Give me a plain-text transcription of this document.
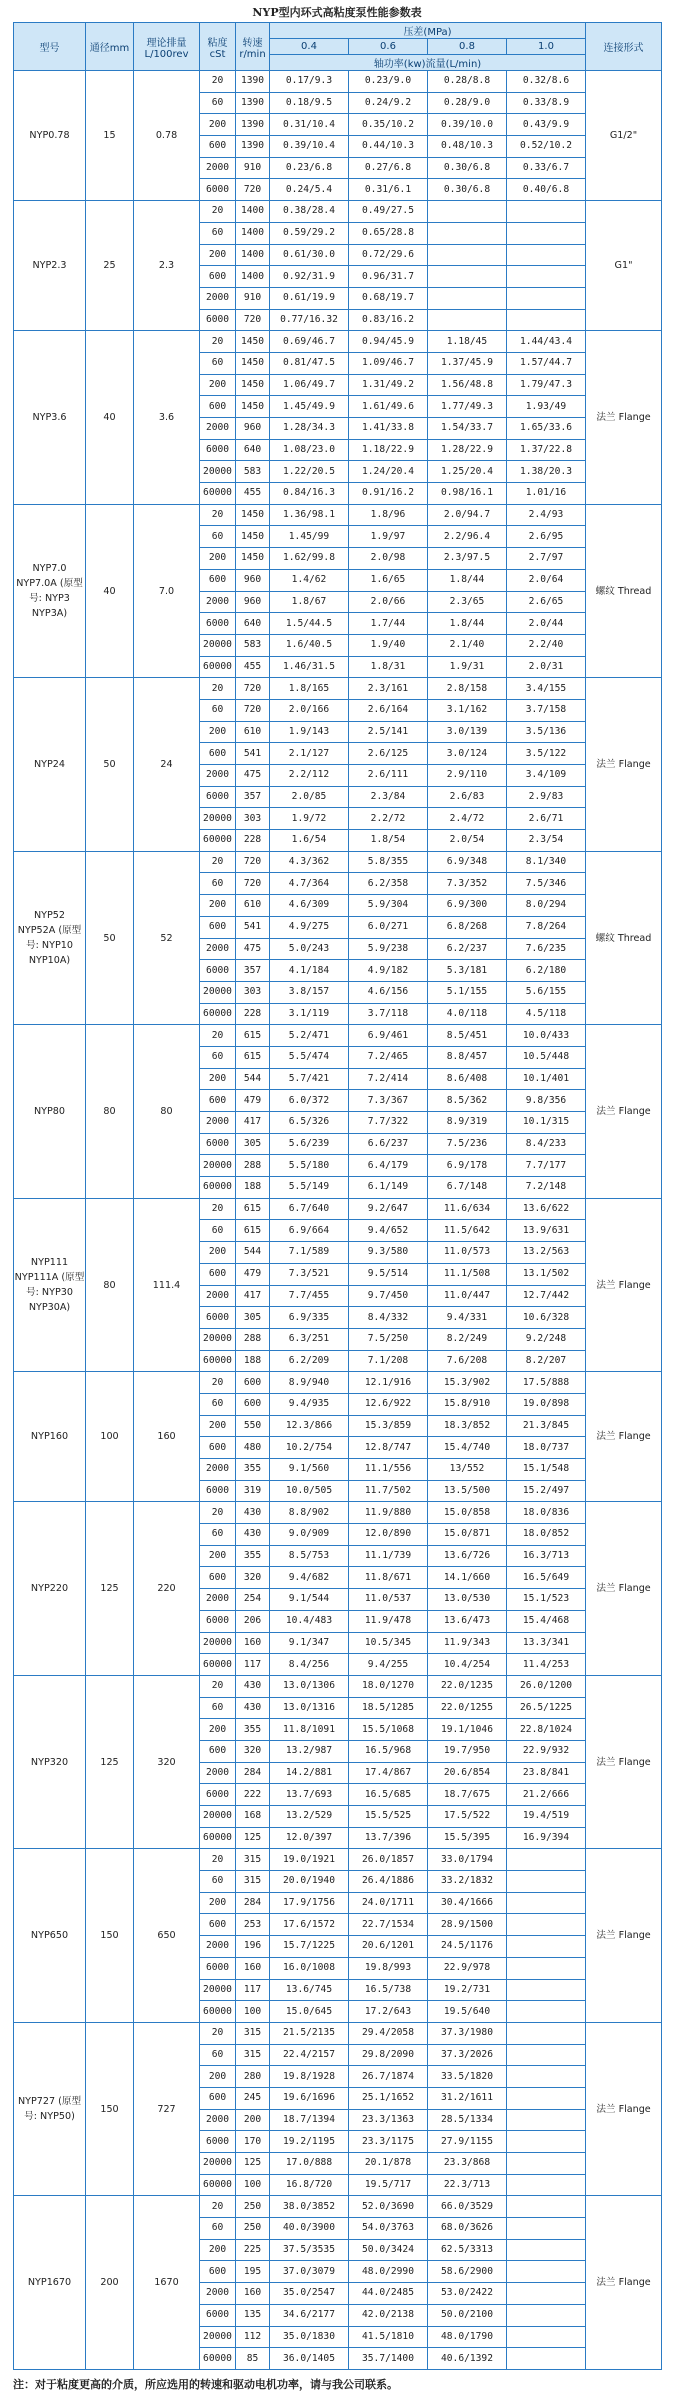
NYP型内环式高粘度泵性能参数表
型号	通径mm	理论排量L/100rev	粘度cSt	转速r/min	压差(MPa)				连接形式
					0.4	0.6	0.8	1.0	
					轴功率(kw)流量(L/min)				
NYP0.78	15	0.78	20	1390	0.17/9.3	0.23/9.0	0.28/8.8	0.32/8.6	G1/2"
			60	1390	0.18/9.5	0.24/9.2	0.28/9.0	0.33/8.9	
			200	1390	0.31/10.4	0.35/10.2	0.39/10.0	0.43/9.9	
			600	1390	0.39/10.4	0.44/10.3	0.48/10.3	0.52/10.2	
			2000	910	0.23/6.8	0.27/6.8	0.30/6.8	0.33/6.7	
			6000	720	0.24/5.4	0.31/6.1	0.30/6.8	0.40/6.8	
NYP2.3	25	2.3	20	1400	0.38/28.4	0.49/27.5			G1"
			60	1400	0.59/29.2	0.65/28.8			
			200	1400	0.61/30.0	0.72/29.6			
			600	1400	0.92/31.9	0.96/31.7			
			2000	910	0.61/19.9	0.68/19.7			
			6000	720	0.77/16.32	0.83/16.2			
NYP3.6	40	3.6	20	1450	0.69/46.7	0.94/45.9	1.18/45	1.44/43.4	法兰 Flange
			60	1450	0.81/47.5	1.09/46.7	1.37/45.9	1.57/44.7	
			200	1450	1.06/49.7	1.31/49.2	1.56/48.8	1.79/47.3	
			600	1450	1.45/49.9	1.61/49.6	1.77/49.3	1.93/49	
			2000	960	1.28/34.3	1.41/33.8	1.54/33.7	1.65/33.6	
			6000	640	1.08/23.0	1.18/22.9	1.28/22.9	1.37/22.8	
			20000	583	1.22/20.5	1.24/20.4	1.25/20.4	1.38/20.3	
			60000	455	0.84/16.3	0.91/16.2	0.98/16.1	1.01/16	
NYP7.0 NYP7.0A (原型号: NYP3 NYP3A)	40	7.0	20	1450	1.36/98.1	1.8/96	2.0/94.7	2.4/93	螺纹 Thread
			60	1450	1.45/99	1.9/97	2.2/96.4	2.6/95	
			200	1450	1.62/99.8	2.0/98	2.3/97.5	2.7/97	
			600	960	1.4/62	1.6/65	1.8/44	2.0/64	
			2000	960	1.8/67	2.0/66	2.3/65	2.6/65	
			6000	640	1.5/44.5	1.7/44	1.8/44	2.0/44	
			20000	583	1.6/40.5	1.9/40	2.1/40	2.2/40	
			60000	455	1.46/31.5	1.8/31	1.9/31	2.0/31	
NYP24	50	24	20	720	1.8/165	2.3/161	2.8/158	3.4/155	法兰 Flange
			60	720	2.0/166	2.6/164	3.1/162	3.7/158	
			200	610	1.9/143	2.5/141	3.0/139	3.5/136	
			600	541	2.1/127	2.6/125	3.0/124	3.5/122	
			2000	475	2.2/112	2.6/111	2.9/110	3.4/109	
			6000	357	2.0/85	2.3/84	2.6/83	2.9/83	
			20000	303	1.9/72	2.2/72	2.4/72	2.6/71	
			60000	228	1.6/54	1.8/54	2.0/54	2.3/54	
NYP52 NYP52A (原型号: NYP10 NYP10A)	50	52	20	720	4.3/362	5.8/355	6.9/348	8.1/340	螺纹 Thread
			60	720	4.7/364	6.2/358	7.3/352	7.5/346	
			200	610	4.6/309	5.9/304	6.9/300	8.0/294	
			600	541	4.9/275	6.0/271	6.8/268	7.8/264	
			2000	475	5.0/243	5.9/238	6.2/237	7.6/235	
			6000	357	4.1/184	4.9/182	5.3/181	6.2/180	
			20000	303	3.8/157	4.6/156	5.1/155	5.6/155	
			60000	228	3.1/119	3.7/118	4.0/118	4.5/118	
NYP80	80	80	20	615	5.2/471	6.9/461	8.5/451	10.0/433	法兰 Flange
			60	615	5.5/474	7.2/465	8.8/457	10.5/448	
			200	544	5.7/421	7.2/414	8.6/408	10.1/401	
			600	479	6.0/372	7.3/367	8.5/362	9.8/356	
			2000	417	6.5/326	7.7/322	8.9/319	10.1/315	
			6000	305	5.6/239	6.6/237	7.5/236	8.4/233	
			20000	288	5.5/180	6.4/179	6.9/178	7.7/177	
			60000	188	5.5/149	6.1/149	6.7/148	7.2/148	
NYP111 NYP111A (原型号: NYP30 NYP30A)	80	111.4	20	615	6.7/640	9.2/647	11.6/634	13.6/622	法兰 Flange
			60	615	6.9/664	9.4/652	11.5/642	13.9/631	
			200	544	7.1/589	9.3/580	11.0/573	13.2/563	
			600	479	7.3/521	9.5/514	11.1/508	13.1/502	
			2000	417	7.7/455	9.7/450	11.0/447	12.7/442	
			6000	305	6.9/335	8.4/332	9.4/331	10.6/328	
			20000	288	6.3/251	7.5/250	8.2/249	9.2/248	
			60000	188	6.2/209	7.1/208	7.6/208	8.2/207	
NYP160	100	160	20	600	8.9/940	12.1/916	15.3/902	17.5/888	法兰 Flange
			60	600	9.4/935	12.6/922	15.8/910	19.0/898	
			200	550	12.3/866	15.3/859	18.3/852	21.3/845	
			600	480	10.2/754	12.8/747	15.4/740	18.0/737	
			2000	355	9.1/560	11.1/556	13/552	15.1/548	
			6000	319	10.0/505	11.7/502	13.5/500	15.2/497	
NYP220	125	220	20	430	8.8/902	11.9/880	15.0/858	18.0/836	法兰 Flange
			60	430	9.0/909	12.0/890	15.0/871	18.0/852	
			200	355	8.5/753	11.1/739	13.6/726	16.3/713	
			600	320	9.4/682	11.8/671	14.1/660	16.5/649	
			2000	254	9.1/544	11.0/537	13.0/530	15.1/523	
			6000	206	10.4/483	11.9/478	13.6/473	15.4/468	
			20000	160	9.1/347	10.5/345	11.9/343	13.3/341	
			60000	117	8.4/256	9.4/255	10.4/254	11.4/253	
NYP320	125	320	20	430	13.0/1306	18.0/1270	22.0/1235	26.0/1200	法兰 Flange
			60	430	13.0/1316	18.5/1285	22.0/1255	26.5/1225	
			200	355	11.8/1091	15.5/1068	19.1/1046	22.8/1024	
			600	320	13.2/987	16.5/968	19.7/950	22.9/932	
			2000	284	14.2/881	17.4/867	20.6/854	23.8/841	
			6000	222	13.7/693	16.5/685	18.7/675	21.2/666	
			20000	168	13.2/529	15.5/525	17.5/522	19.4/519	
			60000	125	12.0/397	13.7/396	15.5/395	16.9/394	
NYP650	150	650	20	315	19.0/1921	26.0/1857	33.0/1794		法兰 Flange
			60	315	20.0/1940	26.4/1886	33.2/1832		
			200	284	17.9/1756	24.0/1711	30.4/1666		
			600	253	17.6/1572	22.7/1534	28.9/1500		
			2000	196	15.7/1225	20.6/1201	24.5/1176		
			6000	160	16.0/1008	19.8/993	22.9/978		
			20000	117	13.6/745	16.5/738	19.2/731		
			60000	100	15.0/645	17.2/643	19.5/640		
NYP727 (原型号: NYP50)	150	727	20	315	21.5/2135	29.4/2058	37.3/1980		法兰 Flange
			60	315	22.4/2157	29.8/2090	37.3/2026		
			200	280	19.8/1928	26.7/1874	33.5/1820		
			600	245	19.6/1696	25.1/1652	31.2/1611		
			2000	200	18.7/1394	23.3/1363	28.5/1334		
			6000	170	19.2/1195	23.3/1175	27.9/1155		
			20000	125	17.0/888	20.1/878	23.3/868		
			60000	100	16.8/720	19.5/717	22.3/713		
NYP1670	200	1670	20	250	38.0/3852	52.0/3690	66.0/3529		法兰 Flange
			60	250	40.0/3900	54.0/3763	68.0/3626		
			200	225	37.5/3535	50.0/3424	62.5/3313		
			600	195	37.0/3079	48.0/2990	58.6/2900		
			2000	160	35.0/2547	44.0/2485	53.0/2422		
			6000	135	34.6/2177	42.0/2138	50.0/2100		
			20000	112	35.0/1830	41.5/1810	48.0/1790		
			60000	85	36.0/1405	35.7/1400	40.6/1392		
注：对于粘度更高的介质，所应选用的转速和驱动电机功率，请与我公司联系。
